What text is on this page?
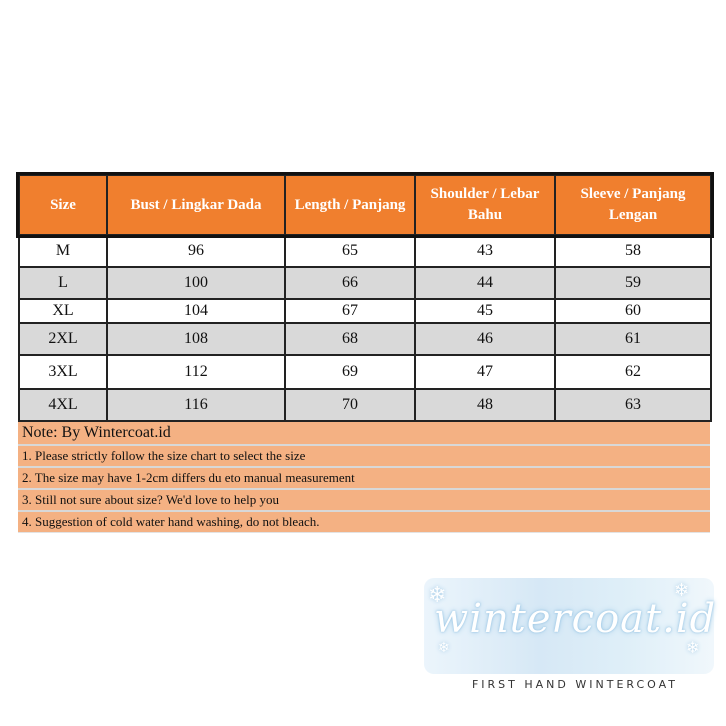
Size	Bust / Lingkar Dada	Length / Panjang	Shoulder / Lebar Bahu	Sleeve / Panjang Lengan
M	96	65	43	58
L	100	66	44	59
XL	104	67	45	60
2XL	108	68	46	61
3XL	112	69	47	62
4XL	116	70	48	63
Note: By Wintercoat.id
1. Please strictly follow the size chart to select the size
2. The size may have 1-2cm differs du eto manual measurement
3. Still not sure about size? We'd love to help you
4. Suggestion of cold water hand washing, do not bleach.
❄	❄
❄
❄
wintercoat.id
FIRST HAND WINTERCOAT
